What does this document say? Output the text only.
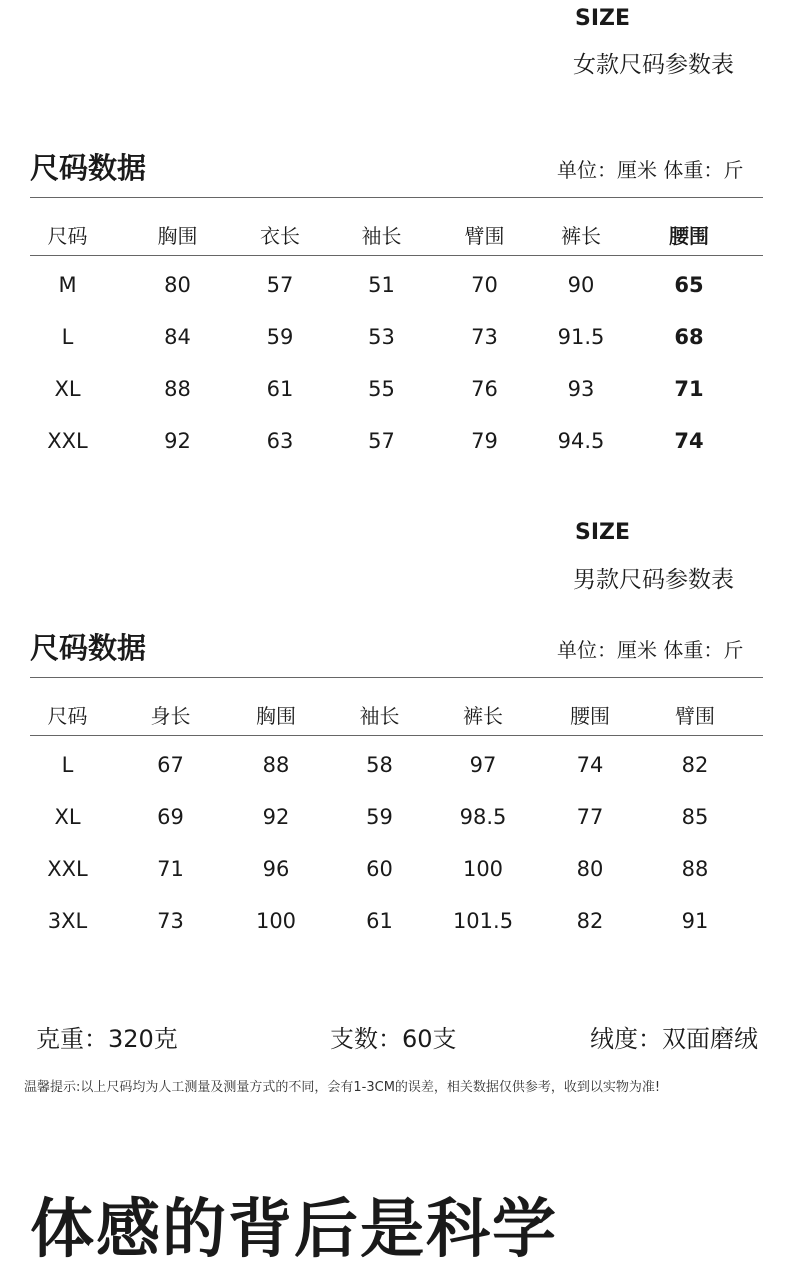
SIZE
女款尺码参数表
尺码数据	单位：厘米 体重：斤
尺码	胸围	衣长	袖长	臂围	裤长	腰围
M	80	57	51	70	90	65
L	84	59	53	73	91.5	68
XL	88	61	55	76	93	71
XXL	92	63	57	79	94.5	74
SIZE
男款尺码参数表
尺码数据	单位：厘米 体重：斤
尺码	身长	胸围	袖长	裤长	腰围	臂围
L	67	88	58	97	74	82
XL	69	92	59	98.5	77	85
XXL	71	96	60	100	80	88
3XL	73	100	61	101.5	82	91
克重：320克	支数：60支	绒度：双面磨绒
温馨提示:以上尺码均为人工测量及测量方式的不同，会有1-3CM的误差，相关数据仅供参考，收到以实物为准!
体感的背后是科学
